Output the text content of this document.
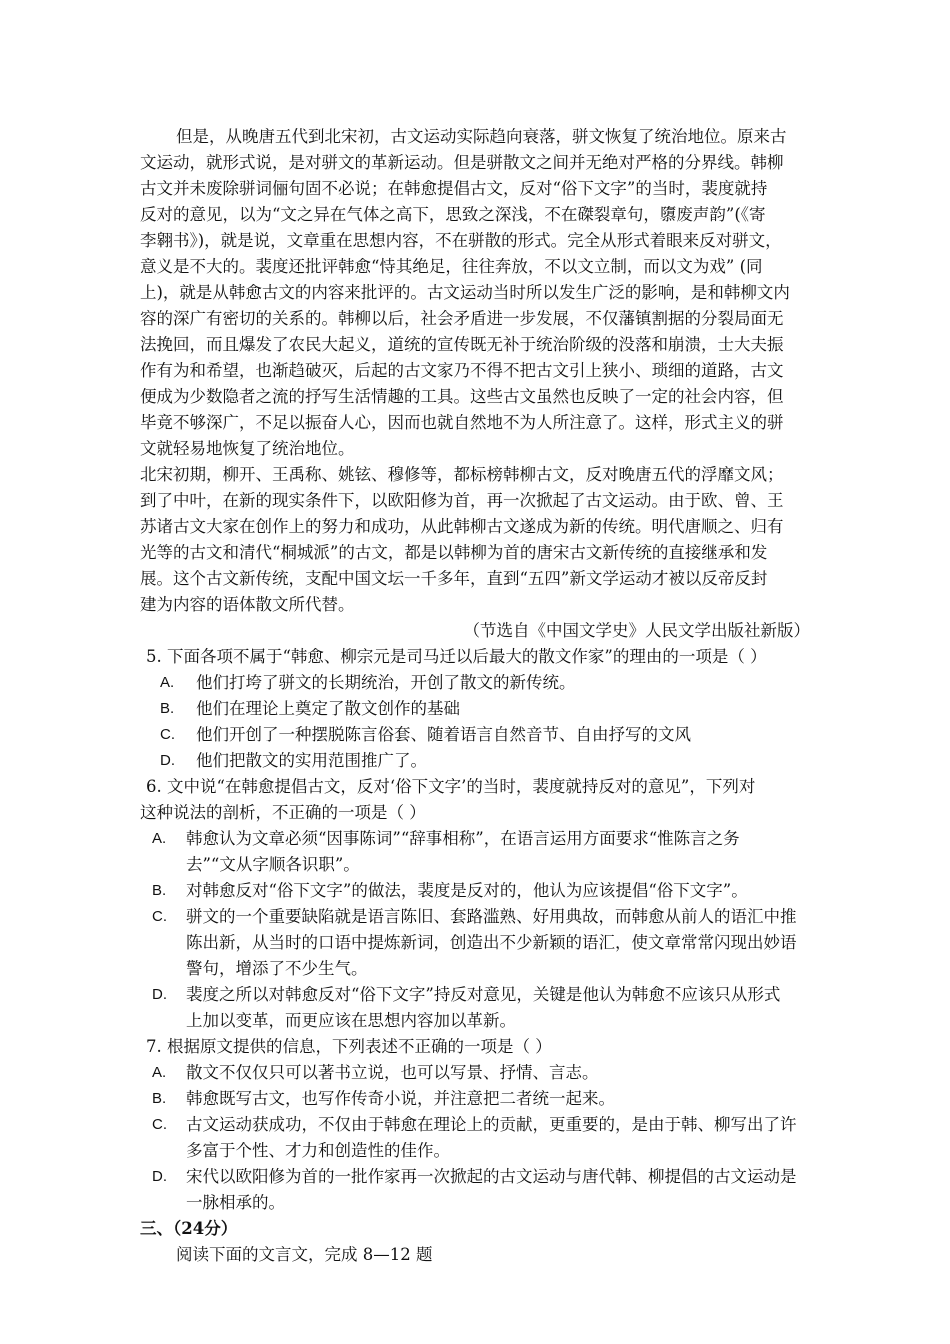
但是，从晚唐五代到北宋初，古文运动实际趋向衰落，骈文恢复了统治地位。原来古
文运动，就形式说，是对骈文的革新运动。但是骈散文之间并无绝对严格的分界线。韩柳
古文并未废除骈词俪句固不必说；在韩愈提倡古文，反对“俗下文字”的当时，裴度就持
反对的意见，以为“文之异在气体之高下，思致之深浅，不在磔裂章句，隳废声韵”(《寄
李翱书》)，就是说，文章重在思想内容，不在骈散的形式。完全从形式着眼来反对骈文，
意义是不大的。裴度还批评韩愈“恃其绝足，往往奔放，不以文立制，而以文为戏” (同
上)，就是从韩愈古文的内容来批评的。古文运动当时所以发生广泛的影响，是和韩柳文内
容的深广有密切的关系的。韩柳以后，社会矛盾进一步发展，不仅藩镇割据的分裂局面无
法挽回，而且爆发了农民大起义，道统的宣传既无补于统治阶级的没落和崩溃，士大夫振
作有为和希望，也渐趋破灭，后起的古文家乃不得不把古文引上狭小、琐细的道路，古文
便成为少数隐者之流的抒写生活情趣的工具。这些古文虽然也反映了一定的社会内容，但
毕竟不够深广，不足以振奋人心，因而也就自然地不为人所注意了。这样，形式主义的骈
文就轻易地恢复了统治地位。
北宋初期，柳开、王禹称、姚铉、穆修等，都标榜韩柳古文，反对晚唐五代的浮靡文风；
到了中叶，在新的现实条件下，以欧阳修为首，再一次掀起了古文运动。由于欧、曾、王
苏诸古文大家在创作上的努力和成功，从此韩柳古文遂成为新的传统。明代唐顺之、归有
光等的古文和清代“桐城派”的古文，都是以韩柳为首的唐宋古文新传统的直接继承和发
展。这个古文新传统，支配中国文坛一千多年，直到“五四”新文学运动才被以反帝反封
建为内容的语体散文所代替。
（节选自《中国文学史》人民文学出版社新版）
5. 下面各项不属于“韩愈、柳宗元是司马迁以后最大的散文作家”的理由的一项是（ ）
A. 他们打垮了骈文的长期统治，开创了散文的新传统。
B. 他们在理论上奠定了散文创作的基础
C. 他们开创了一种摆脱陈言俗套、随着语言自然音节、自由抒写的文风
D. 他们把散文的实用范围推广了。
6. 文中说“在韩愈提倡古文，反对‘俗下文字’的当时，裴度就持反对的意见”，下列对
这种说法的剖析，不正确的一项是（ ）
A. 韩愈认为文章必须“因事陈词”“辞事相称”，在语言运用方面要求“惟陈言之务
去”“文从字顺各识职”。
B. 对韩愈反对“俗下文字”的做法，裴度是反对的，他认为应该提倡“俗下文字”。
C. 骈文的一个重要缺陷就是语言陈旧、套路滥熟、好用典故，而韩愈从前人的语汇中推
陈出新，从当时的口语中提炼新词，创造出不少新颖的语汇，使文章常常闪现出妙语
警句，增添了不少生气。
D. 裴度之所以对韩愈反对“俗下文字”持反对意见，关键是他认为韩愈不应该只从形式
上加以变革，而更应该在思想内容加以革新。
7. 根据原文提供的信息，下列表述不正确的一项是（ ）
A. 散文不仅仅只可以著书立说，也可以写景、抒情、言志。
B. 韩愈既写古文，也写作传奇小说，并注意把二者统一起来。
C. 古文运动获成功，不仅由于韩愈在理论上的贡献，更重要的，是由于韩、柳写出了许
多富于个性、才力和创造性的佳作。
D. 宋代以欧阳修为首的一批作家再一次掀起的古文运动与唐代韩、柳提倡的古文运动是
一脉相承的。
三、（24分）
阅读下面的文言文，完成 8—12 题
